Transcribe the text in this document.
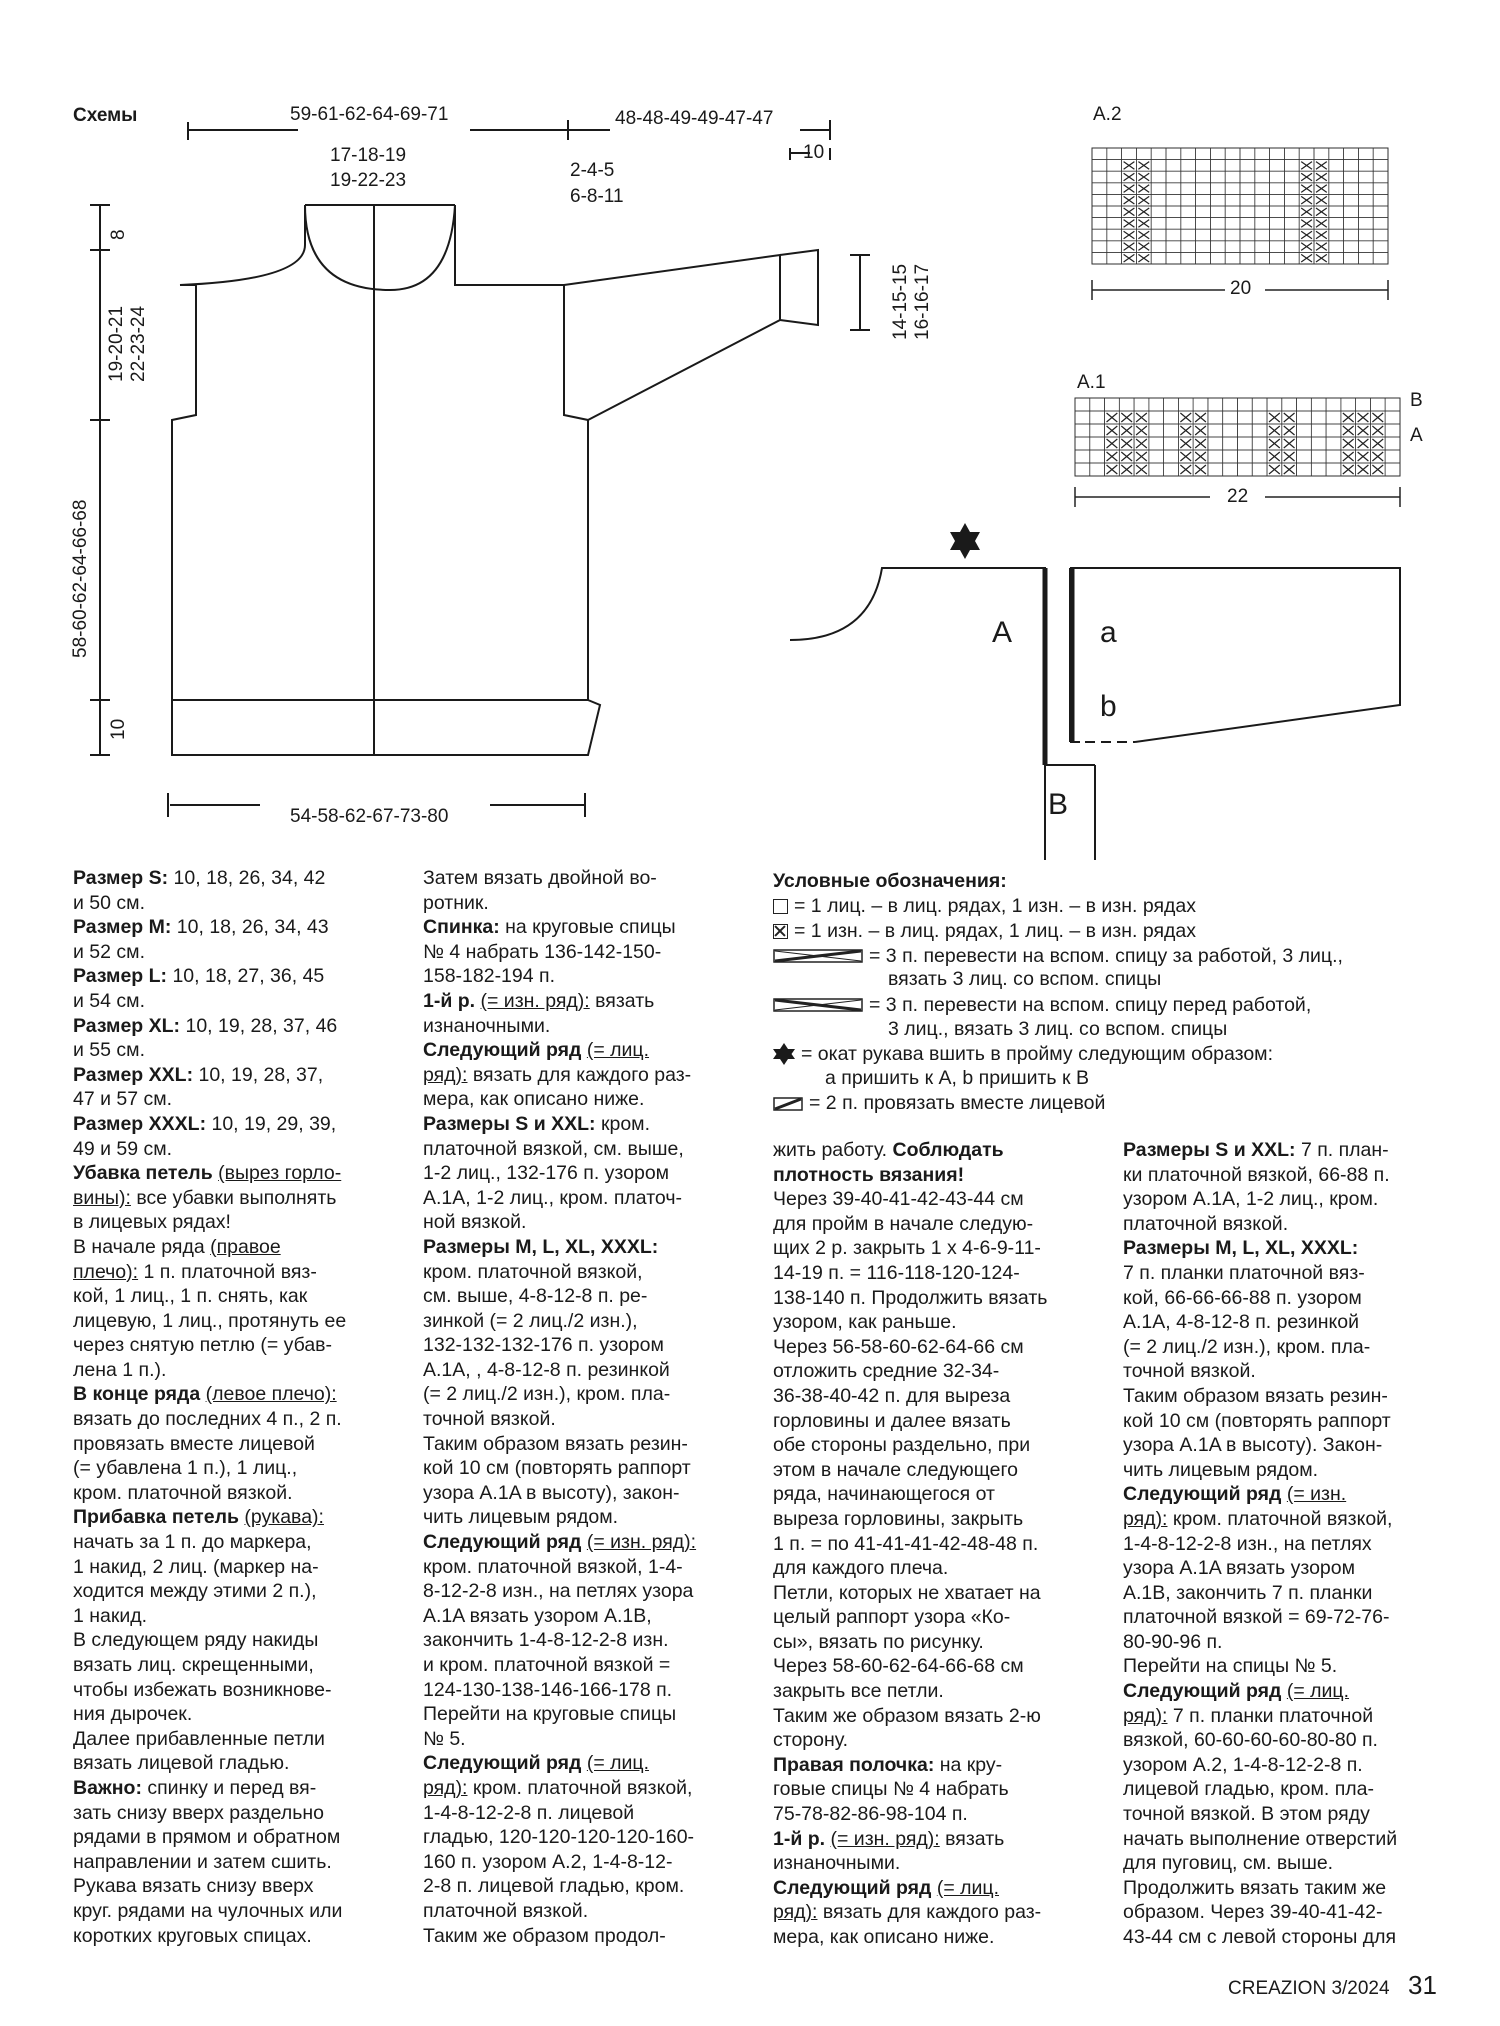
Схемы	59-61-62-64-69-71	48-48-49-49-47-47
10
17-18-19
19-22-23	2-4-5
6-8-11
8
19-20-21 22-23-24
58-60-62-64-66-68
10
14-15-15 16-16-17
54-58-62-67-73-80
A.2
20
A.1
22
B
A
A	a
b
B
Условные обозначения:
= 1 лиц. – в лиц. рядах, 1 изн. – в изн. рядах
= 1 изн. – в лиц. рядах, 1 лиц. – в изн. рядах
= 3 п. перевести на вспом. спицу за работой, 3 лиц.,
вязать 3 лиц. со вспом. спицы
= 3 п. перевести на вспом. спицу перед работой,
3 лиц., вязать 3 лиц. со вспом. спицы
= окат рукава вшить в пройму следующим образом:
a пришить к A, b пришить к B
= 2 п. провязать вместе лицевой
Размер S: 10, 18, 26, 34, 42
и 50 см.
Размер M: 10, 18, 26, 34, 43
и 52 см.
Размер L: 10, 18, 27, 36, 45
и 54 см.
Размер XL: 10, 19, 28, 37, 46
и 55 см.
Размер XXL: 10, 19, 28, 37,
47 и 57 см.
Размер XXXL: 10, 19, 29, 39,
49 и 59 см.
Убавка петель (вырез горло-
вины): все убавки выполнять
в лицевых рядах!
В начале ряда (правое
плечо): 1 п. платочной вяз-
кой, 1 лиц., 1 п. снять, как
лицевую, 1 лиц., протянуть ее
через снятую петлю (= убав-
лена 1 п.).
В конце ряда (левое плечо):
вязать до последних 4 п., 2 п.
провязать вместе лицевой
(= убавлена 1 п.), 1 лиц.,
кром. платочной вязкой.
Прибавка петель (рукава):
начать за 1 п. до маркера,
1 накид, 2 лиц. (маркер на-
ходится между этими 2 п.),
1 накид.
В следующем ряду накиды
вязать лиц. скрещенными,
чтобы избежать возникнове-
ния дырочек.
Далее прибавленные петли
вязать лицевой гладью.
Важно: спинку и перед вя-
зать снизу вверх раздельно
рядами в прямом и обратном
направлении и затем сшить.
Рукава вязать снизу вверх
круг. рядами на чулочных или
коротких круговых спицах.
Затем вязать двойной во-
ротник.
Спинка: на круговые спицы
№ 4 набрать 136-142-150-
158-182-194 п.
1-й р. (= изн. ряд): вязать
изнаночными.
Следующий ряд (= лиц.
ряд): вязать для каждого раз-
мера, как описано ниже.
Размеры S и XXL: кром.
платочной вязкой, см. выше,
1-2 лиц., 132-176 п. узором
A.1A, 1-2 лиц., кром. платоч-
ной вязкой.
Размеры M, L, XL, XXXL:
кром. платочной вязкой,
см. выше, 4-8-12-8 п. ре-
зинкой (= 2 лиц./2 изн.),
132-132-132-176 п. узором
A.1A, , 4-8-12-8 п. резинкой
(= 2 лиц./2 изн.), кром. пла-
точной вязкой.
Таким образом вязать резин-
кой 10 см (повторять раппорт
узора A.1A в высоту), закон-
чить лицевым рядом.
Следующий ряд (= изн. ряд):
кром. платочной вязкой, 1-4-
8-12-2-8 изн., на петлях узора
A.1A вязать узором A.1B,
закончить 1-4-8-12-2-8 изн.
и кром. платочной вязкой =
124-130-138-146-166-178 п.
Перейти на круговые спицы
№ 5.
Следующий ряд (= лиц.
ряд): кром. платочной вязкой,
1-4-8-12-2-8 п. лицевой
гладью, 120-120-120-120-160-
160 п. узором A.2, 1-4-8-12-
2-8 п. лицевой гладью, кром.
платочной вязкой.
Таким же образом продол-
жить работу. Соблюдать
плотность вязания!
Через 39-40-41-42-43-44 см
для пройм в начале следую-
щих 2 р. закрыть 1 x 4-6-9-11-
14-19 п. = 116-118-120-124-
138-140 п. Продолжить вязать
узором, как раньше.
Через 56-58-60-62-64-66 см
отложить средние 32-34-
36-38-40-42 п. для выреза
горловины и далее вязать
обе стороны раздельно, при
этом в начале следующего
ряда, начинающегося от
выреза горловины, закрыть
1 п. = по 41-41-41-42-48-48 п.
для каждого плеча.
Петли, которых не хватает на
целый раппорт узора «Ко-
сы», вязать по рисунку.
Через 58-60-62-64-66-68 см
закрыть все петли.
Таким же образом вязать 2-ю
сторону.
Правая полочка: на кру-
говые спицы № 4 набрать
75-78-82-86-98-104 п.
1-й р. (= изн. ряд): вязать
изнаночными.
Следующий ряд (= лиц.
ряд): вязать для каждого раз-
мера, как описано ниже.
Размеры S и XXL: 7 п. план-
ки платочной вязкой, 66-88 п.
узором A.1A, 1-2 лиц., кром.
платочной вязкой.
Размеры M, L, XL, XXXL:
7 п. планки платочной вяз-
кой, 66-66-66-88 п. узором
A.1A, 4-8-12-8 п. резинкой
(= 2 лиц./2 изн.), кром. пла-
точной вязкой.
Таким образом вязать резин-
кой 10 см (повторять раппорт
узора A.1A в высоту). Закон-
чить лицевым рядом.
Следующий ряд (= изн.
ряд): кром. платочной вязкой,
1-4-8-12-2-8 изн., на петлях
узора A.1A вязать узором
A.1B, закончить 7 п. планки
платочной вязкой = 69-72-76-
80-90-96 п.
Перейти на спицы № 5.
Следующий ряд (= лиц.
ряд): 7 п. планки платочной
вязкой, 60-60-60-60-80-80 п.
узором A.2, 1-4-8-12-2-8 п.
лицевой гладью, кром. пла-
точной вязкой. В этом ряду
начать выполнение отверстий
для пуговиц, см. выше.
Продолжить вязать таким же
образом. Через 39-40-41-42-
43-44 см с левой стороны для
CREAZION 3/2024 31
